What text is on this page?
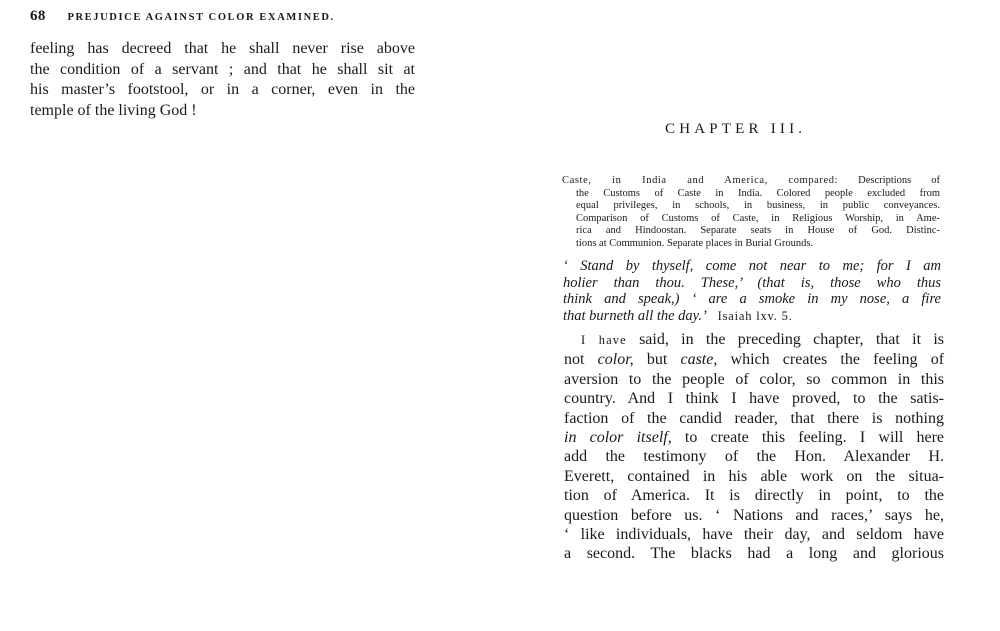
68 PREJUDICE AGAINST COLOR EXAMINED.
feeling has decreed that he shall never rise above
the condition of a servant ; and that he shall sit at
his master’s footstool, or in a corner, even in the
temple of the living God !
CHAPTER III.
Caste, in India and America, compared: Descriptions of
the Customs of Caste in India. Colored people excluded from
equal privileges, in schools, in business, in public conveyances.
Comparison of Customs of Caste, in Religious Worship, in Ame-
rica and Hindoostan. Separate seats in House of God. Distinc-
tions at Communion. Separate places in Burial Grounds.
‘ Stand by thyself, come not near to me; for I am
holier than thou. These,’ (that is, those who thus
think and speak,) ‘ are a smoke in my nose, a fire
that burneth all the day.’ Isaiah lxv. 5.
I have said, in the preceding chapter, that it is
not color, but caste, which creates the feeling of
aversion to the people of color, so common in this
country. And I think I have proved, to the satis-
faction of the candid reader, that there is nothing
in color itself, to create this feeling. I will here
add the testimony of the Hon. Alexander H.
Everett, contained in his able work on the situa-
tion of America. It is directly in point, to the
question before us. ‘ Nations and races,’ says he,
‘ like individuals, have their day, and seldom have
a second. The blacks had a long and glorious
